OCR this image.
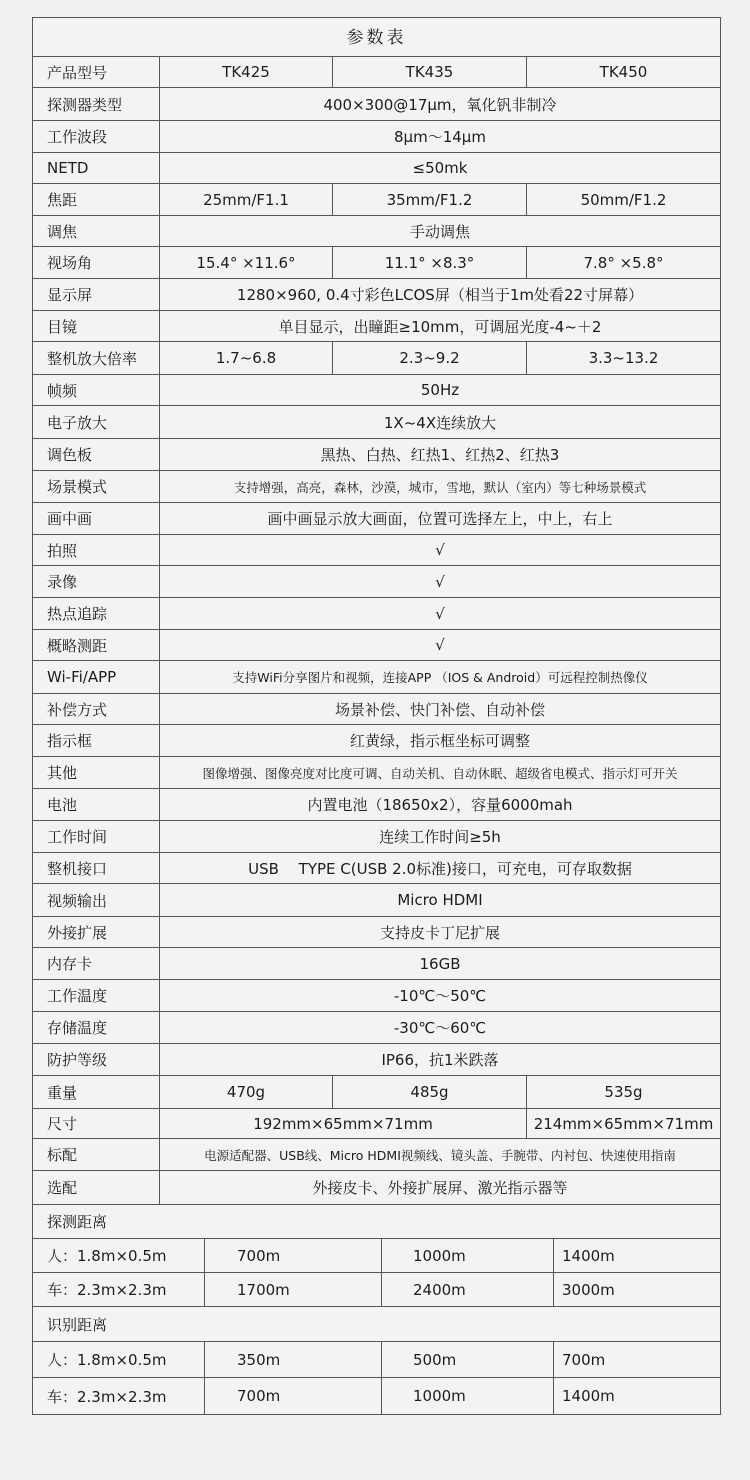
参数表
产品型号	TK425	TK435	TK450
探测器类型	400×300@17μm，氧化钒非制冷
工作波段	8μm～14μm
NETD	≤50mk
焦距	25mm/F1.1	35mm/F1.2	50mm/F1.2
调焦	手动调焦
视场角	15.4° ×11.6°	11.1° ×8.3°	7.8° ×5.8°
显示屏	1280×960, 0.4寸彩色LCOS屏（相当于1m处看22寸屏幕）
目镜	单目显示，出瞳距≥10mm，可调屈光度-4~＋2
整机放大倍率	1.7~6.8	2.3~9.2	3.3~13.2
帧频	50Hz
电子放大	1X~4X连续放大
调色板	黑热、白热、红热1、红热2、红热3
场景模式	支持增强，高亮，森林，沙漠，城市，雪地，默认（室内）等七种场景模式
画中画	画中画显示放大画面，位置可选择左上，中上，右上
拍照	√
录像	√
热点追踪	√
概略测距	√
Wi-Fi/APP	支持WiFi分享图片和视频，连接APP （IOS & Android）可远程控制热像仪
补偿方式	场景补偿、快门补偿、自动补偿
指示框	红黄绿，指示框坐标可调整
其他	图像增强、图像亮度对比度可调、自动关机、自动休眠、超级省电模式、指示灯可开关
电池	内置电池（18650x2），容量6000mah
工作时间	连续工作时间≥5h
整机接口	USB　 TYPE C(USB 2.0标准)接口，可充电，可存取数据
视频输出	Micro HDMI
外接扩展	支持皮卡丁尼扩展
内存卡	16GB
工作温度	-10℃～50℃
存储温度	-30℃～60℃
防护等级	IP66，抗1米跌落
重量	470g	485g	535g
尺寸	192mm×65mm×71mm	214mm×65mm×71mm
标配	电源适配器、USB线、Micro HDMI视频线、镜头盖、手腕带、内衬包、快速使用指南
选配	外接皮卡、外接扩展屏、激光指示器等
探测距离
人：1.8m×0.5m	700m	1000m	1400m
车：2.3m×2.3m	1700m	2400m	3000m
识别距离
人：1.8m×0.5m	350m	500m	700m
车：2.3m×2.3m	700m	1000m	1400m
